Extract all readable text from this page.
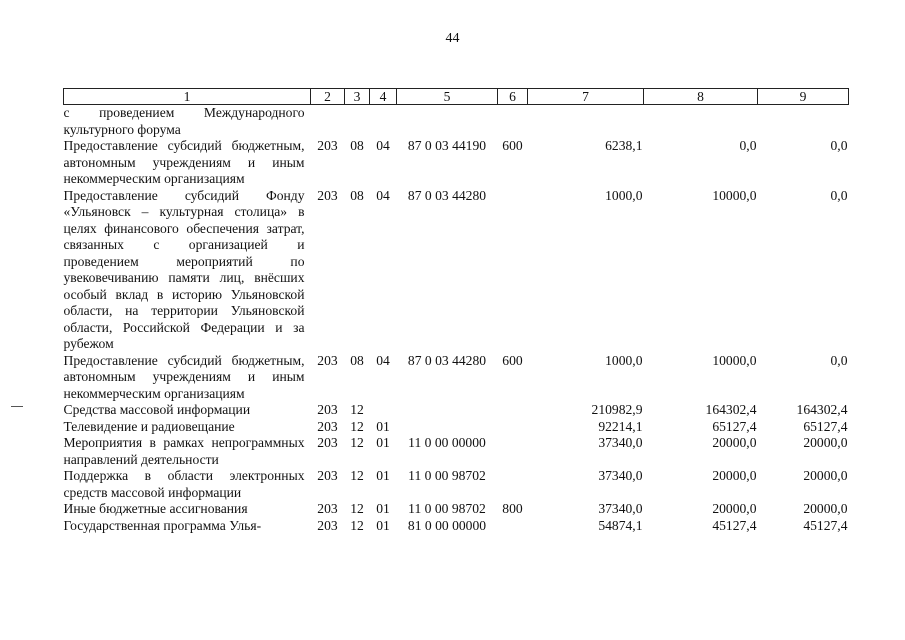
44
1	2	3	4	5	6	7	8	9
с проведением Международного культурного форума								
Предоставление субсидий бюджетным, автономным учреждениям и иным некоммерческим организациям	203	08	04	87 0 03 44190	600	6238,1	0,0	0,0
Предоставление субсидий Фонду «Ульяновск – культурная столица» в целях финансового обеспечения затрат, связанных с организацией и проведением мероприятий по увековечиванию памяти лиц, внёсших особый вклад в историю Ульяновской области, на территории Ульяновской области, Российской Федерации и за рубежом	203	08	04	87 0 03 44280		1000,0	10000,0	0,0
Предоставление субсидий бюджетным, автономным учреждениям и иным некоммерческим организациям	203	08	04	87 0 03 44280	600	1000,0	10000,0	0,0
Средства массовой информации	203	12				210982,9	164302,4	164302,4
Телевидение и радиовещание	203	12	01			92214,1	65127,4	65127,4
Мероприятия в рамках непрограммных направлений деятельности	203	12	01	11 0 00 00000		37340,0	20000,0	20000,0
Поддержка в области электронных средств массовой информации	203	12	01	11 0 00 98702		37340,0	20000,0	20000,0
Иные бюджетные ассигнования	203	12	01	11 0 00 98702	800	37340,0	20000,0	20000,0
Государственная программа Улья-	203	12	01	81 0 00 00000		54874,1	45127,4	45127,4
